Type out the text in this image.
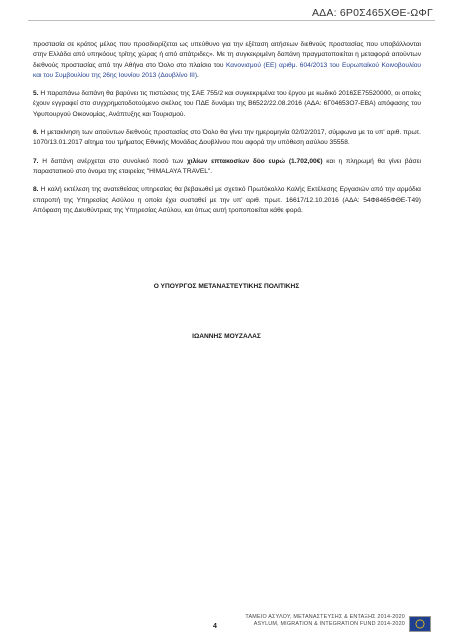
ΑΔΑ: 6Ρ0Σ465ΧΘΕ-ΩΦΓ

προστασία σε κράτος μέλος που προσδιορίζεται ως υπεύθυνο για την εξέταση αιτήσεων διεθνούς προστασίας που υποβάλλονται στην Ελλάδα από υπηκόους τρίτης χώρας ή από απάτριδες». Με τη συγκεκριμένη δαπάνη πραγματοποιείται η μεταφορά αιτούντων διεθνούς προστασίας από την Αθήνα στο Όολο στο πλαίσιο του Κανονισμού (ΕΕ) αριθμ. 604/2013 του Ευρωπαϊκού Κοινοβουλίου και του Συμβουλίου της 26ης Ιουνίου 2013 (Δουβλίνο ΙΙΙ).

5. Η παραπάνω δαπάνη θα βαρύνει τις πιστώσεις της ΣΑΕ 755/2 και συγκεκριμένα του έργου με κωδικό 2016ΣΕ75520000, οι οποίες έχουν εγγραφεί στο συγχρηματοδοτούμενο σκέλος του ΠΔΕ δυνάμει της Β6522/22.08.2016 (ΑΔΑ: 6Γ04653Ο7-ΕΒΑ) απόφασης του Υφυπουργού Οικονομίας, Ανάπτυξης και Τουρισμού.

6. Η μετακίνηση των αιτούντων διεθνούς προστασίας στο Όολο θα γίνει την ημερομηνία 02/02/2017, σύμφωνα με το υπ' αριθ. πρωτ. 1070/13.01.2017 αίτημα του τμήματος Εθνικής Μονάδας Δουβλίνου που αφορά την υπόθεση ασύλου 35558.

7. Η δαπάνη ανέρχεται στο συνολικό ποσό των χιλίων επτακοσίων δύο ευρώ (1.702,00€) και η πληρωμή θα γίνει βάσει παραστατικού στο όνομα της εταιρείας "HIMALAYA TRAVEL".

8. Η καλή εκτέλεση της ανατεθείσας υπηρεσίας θα βεβαιωθεί με σχετικό Πρωτόκολλο Καλής Εκτέλεσης Εργασιών από την αρμόδια επιτροπή της Υπηρεσίας Ασύλου η οποία έχει συσταθεί με την υπ' αριθ. πρωτ. 16617/12.10.2016 (ΑΔΑ: 54Φ8465ΦΘΕ-Τ49) Απόφαση της Διευθύντριας της Υπηρεσίας Ασύλου, και όπως αυτή τροποποιείται κάθε φορά.

Ο ΥΠΟΥΡΓΟΣ ΜΕΤΑΝΑΣΤΕΥΤΙΚΗΣ ΠΟΛΙΤΙΚΗΣ
ΙΩΑΝΝΗΣ ΜΟΥΖΑΛΑΣ
ΤΑΜΕΙΟ ΑΣΥΛΟΥ, ΜΕΤΑΝΑΣΤΕΥΣΗΣ & ΕΝΤΑΞΗΣ 2014-2020
ASYLUM, MIGRATION & INTEGRATION FUND 2014-2020
4
